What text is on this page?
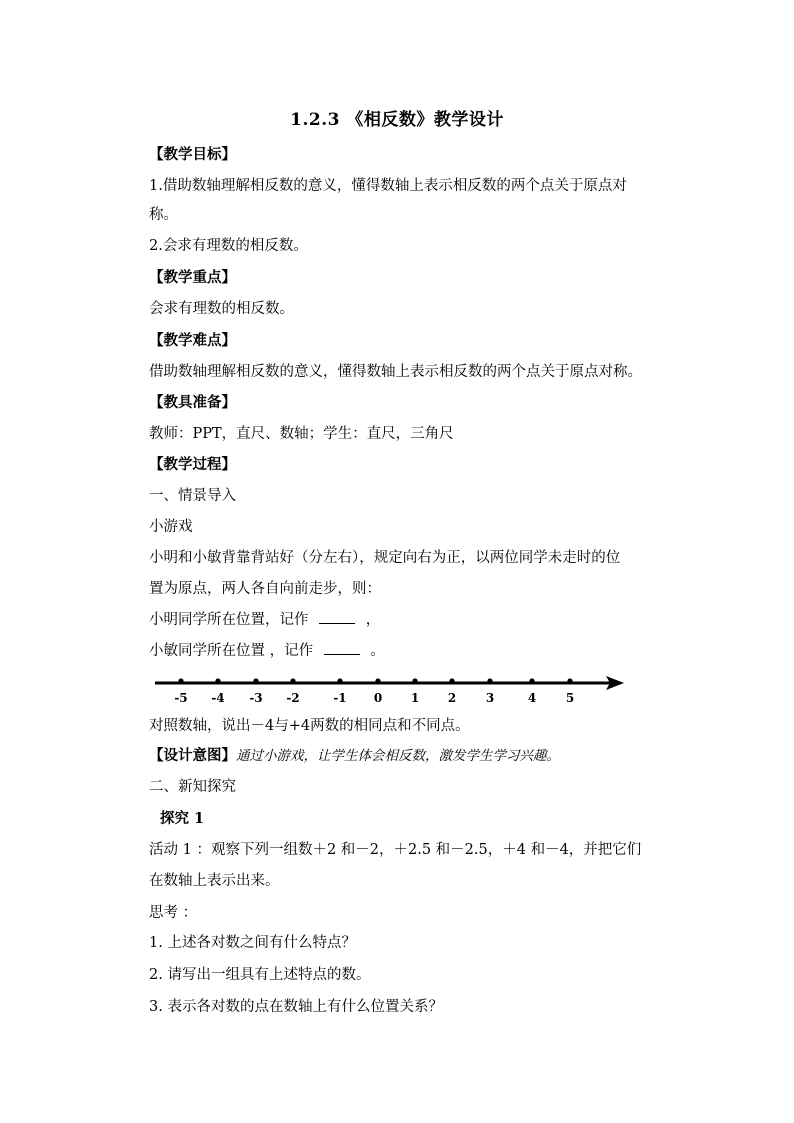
1.2.3 《相反数》教学设计
【教学目标】
1.借助数轴理解相反数的意义，懂得数轴上表示相反数的两个点关于原点对
称。
2.会求有理数的相反数。
【教学重点】
会求有理数的相反数。
【教学难点】
借助数轴理解相反数的意义，懂得数轴上表示相反数的两个点关于原点对称。
【教具准备】
教师：PPT，直尺、数轴；学生：直尺，三角尺
【教学过程】
一、情景导入
小游戏
小明和小敏背靠背站好（分左右），规定向右为正，以两位同学未走时的位
置为原点，两人各自向前走步，则：
小明同学所在位置，记作	，
小敏同学所在位置 ，记作	。
-5 -4 -3 -2	-1 0 1 2 3	4 5
对照数轴，说出－4与+4两数的相同点和不同点。
【设计意图】通过小游戏，让学生体会相反数，激发学生学习兴趣。
二、新知探究
探究 1
活动 1 ：观察下列一组数＋2 和－2，＋2.5 和－2.5，＋4 和－4，并把它们
在数轴上表示出来。
思考 ：
1. 上述各对数之间有什么特点？
2. 请写出一组具有上述特点的数。
3. 表示各对数的点在数轴上有什么位置关系？
